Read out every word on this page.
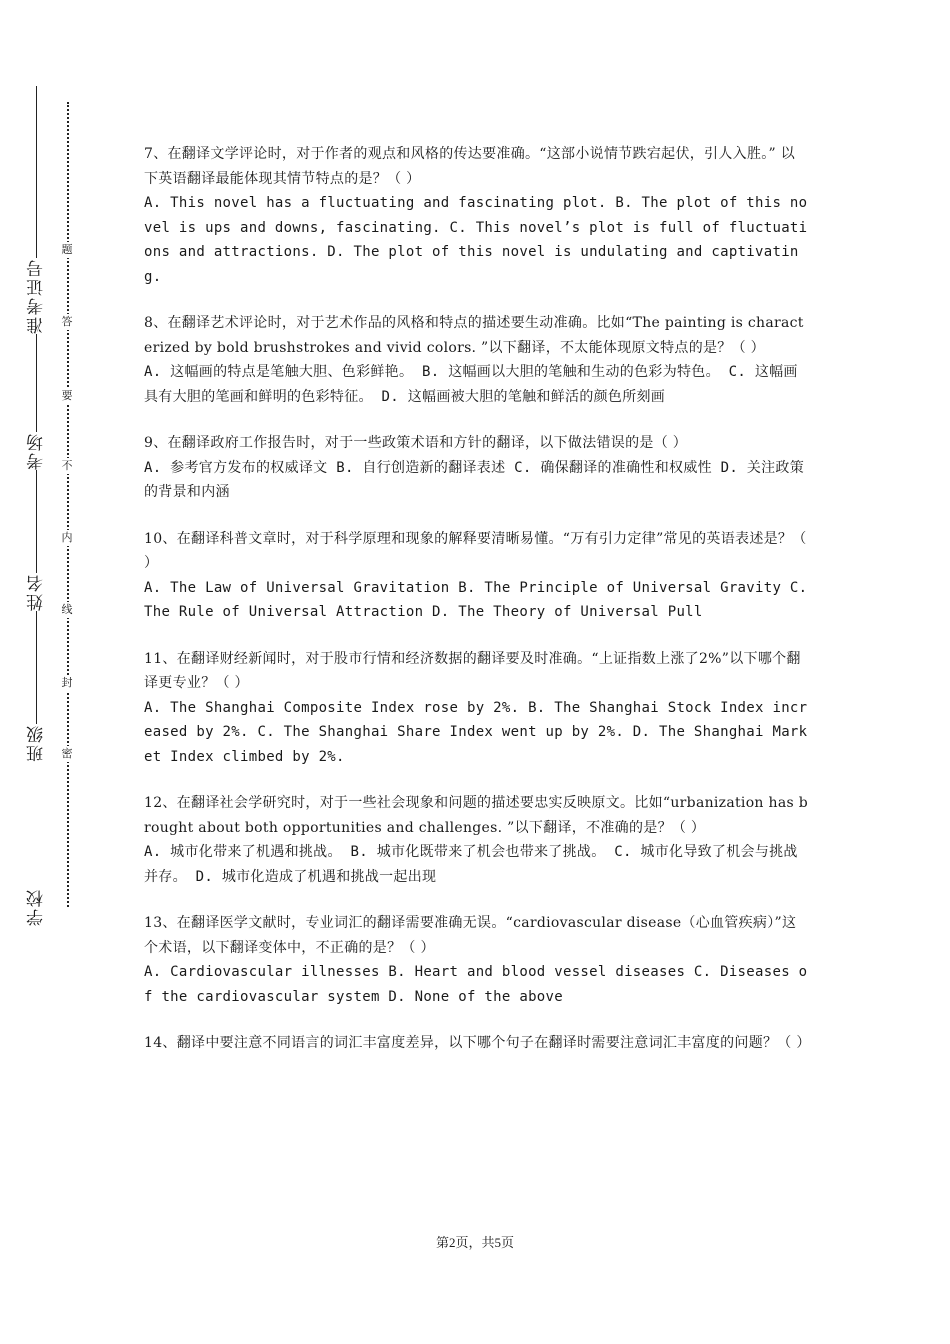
准考证号
考场
姓名
班级
学校
题
答
要
不
内
线
封
密
7、在翻译文学评论时，对于作者的观点和风格的传达要准确。“这部小说情节跌宕起伏，引人入胜。” 以下英语翻译最能体现其情节特点的是？（ ）
A. This novel has a fluctuating and fascinating plot. B. The plot of this novel is ups and downs, fascinating. C. This novel’s plot is full of fluctuations and attractions. D. The plot of this novel is undulating and captivating.
8、在翻译艺术评论时，对于艺术作品的风格和特点的描述要生动准确。比如“The painting is characterized by bold brushstrokes and vivid colors. ”以下翻译，不太能体现原文特点的是？（ ）
A. 这幅画的特点是笔触大胆、色彩鲜艳。 B. 这幅画以大胆的笔触和生动的色彩为特色。 C. 这幅画具有大胆的笔画和鲜明的色彩特征。 D. 这幅画被大胆的笔触和鲜活的颜色所刻画
9、在翻译政府工作报告时，对于一些政策术语和方针的翻译，以下做法错误的是（ ）
A. 参考官方发布的权威译文 B. 自行创造新的翻译表述 C. 确保翻译的准确性和权威性 D. 关注政策的背景和内涵
10、在翻译科普文章时，对于科学原理和现象的解释要清晰易懂。“万有引力定律”常见的英语表述是？（ ）
A. The Law of Universal Gravitation B. The Principle of Universal Gravity C. The Rule of Universal Attraction D. The Theory of Universal Pull
11、在翻译财经新闻时，对于股市行情和经济数据的翻译要及时准确。“上证指数上涨了2%”以下哪个翻译更专业？（ ）
A. The Shanghai Composite Index rose by 2%. B. The Shanghai Stock Index increased by 2%. C. The Shanghai Share Index went up by 2%. D. The Shanghai Market Index climbed by 2%.
12、在翻译社会学研究时，对于一些社会现象和问题的描述要忠实反映原文。比如“urbanization has brought about both opportunities and challenges. ”以下翻译，不准确的是？（ ）
A. 城市化带来了机遇和挑战。 B. 城市化既带来了机会也带来了挑战。 C. 城市化导致了机会与挑战并存。 D. 城市化造成了机遇和挑战一起出现
13、在翻译医学文献时，专业词汇的翻译需要准确无误。“cardiovascular disease（心血管疾病）”这个术语，以下翻译变体中，不正确的是？（ ）
A. Cardiovascular illnesses B. Heart and blood vessel diseases C. Diseases of the cardiovascular system D. None of the above
14、翻译中要注意不同语言的词汇丰富度差异，以下哪个句子在翻译时需要注意词汇丰富度的问题？（ ）
第2页，共5页
